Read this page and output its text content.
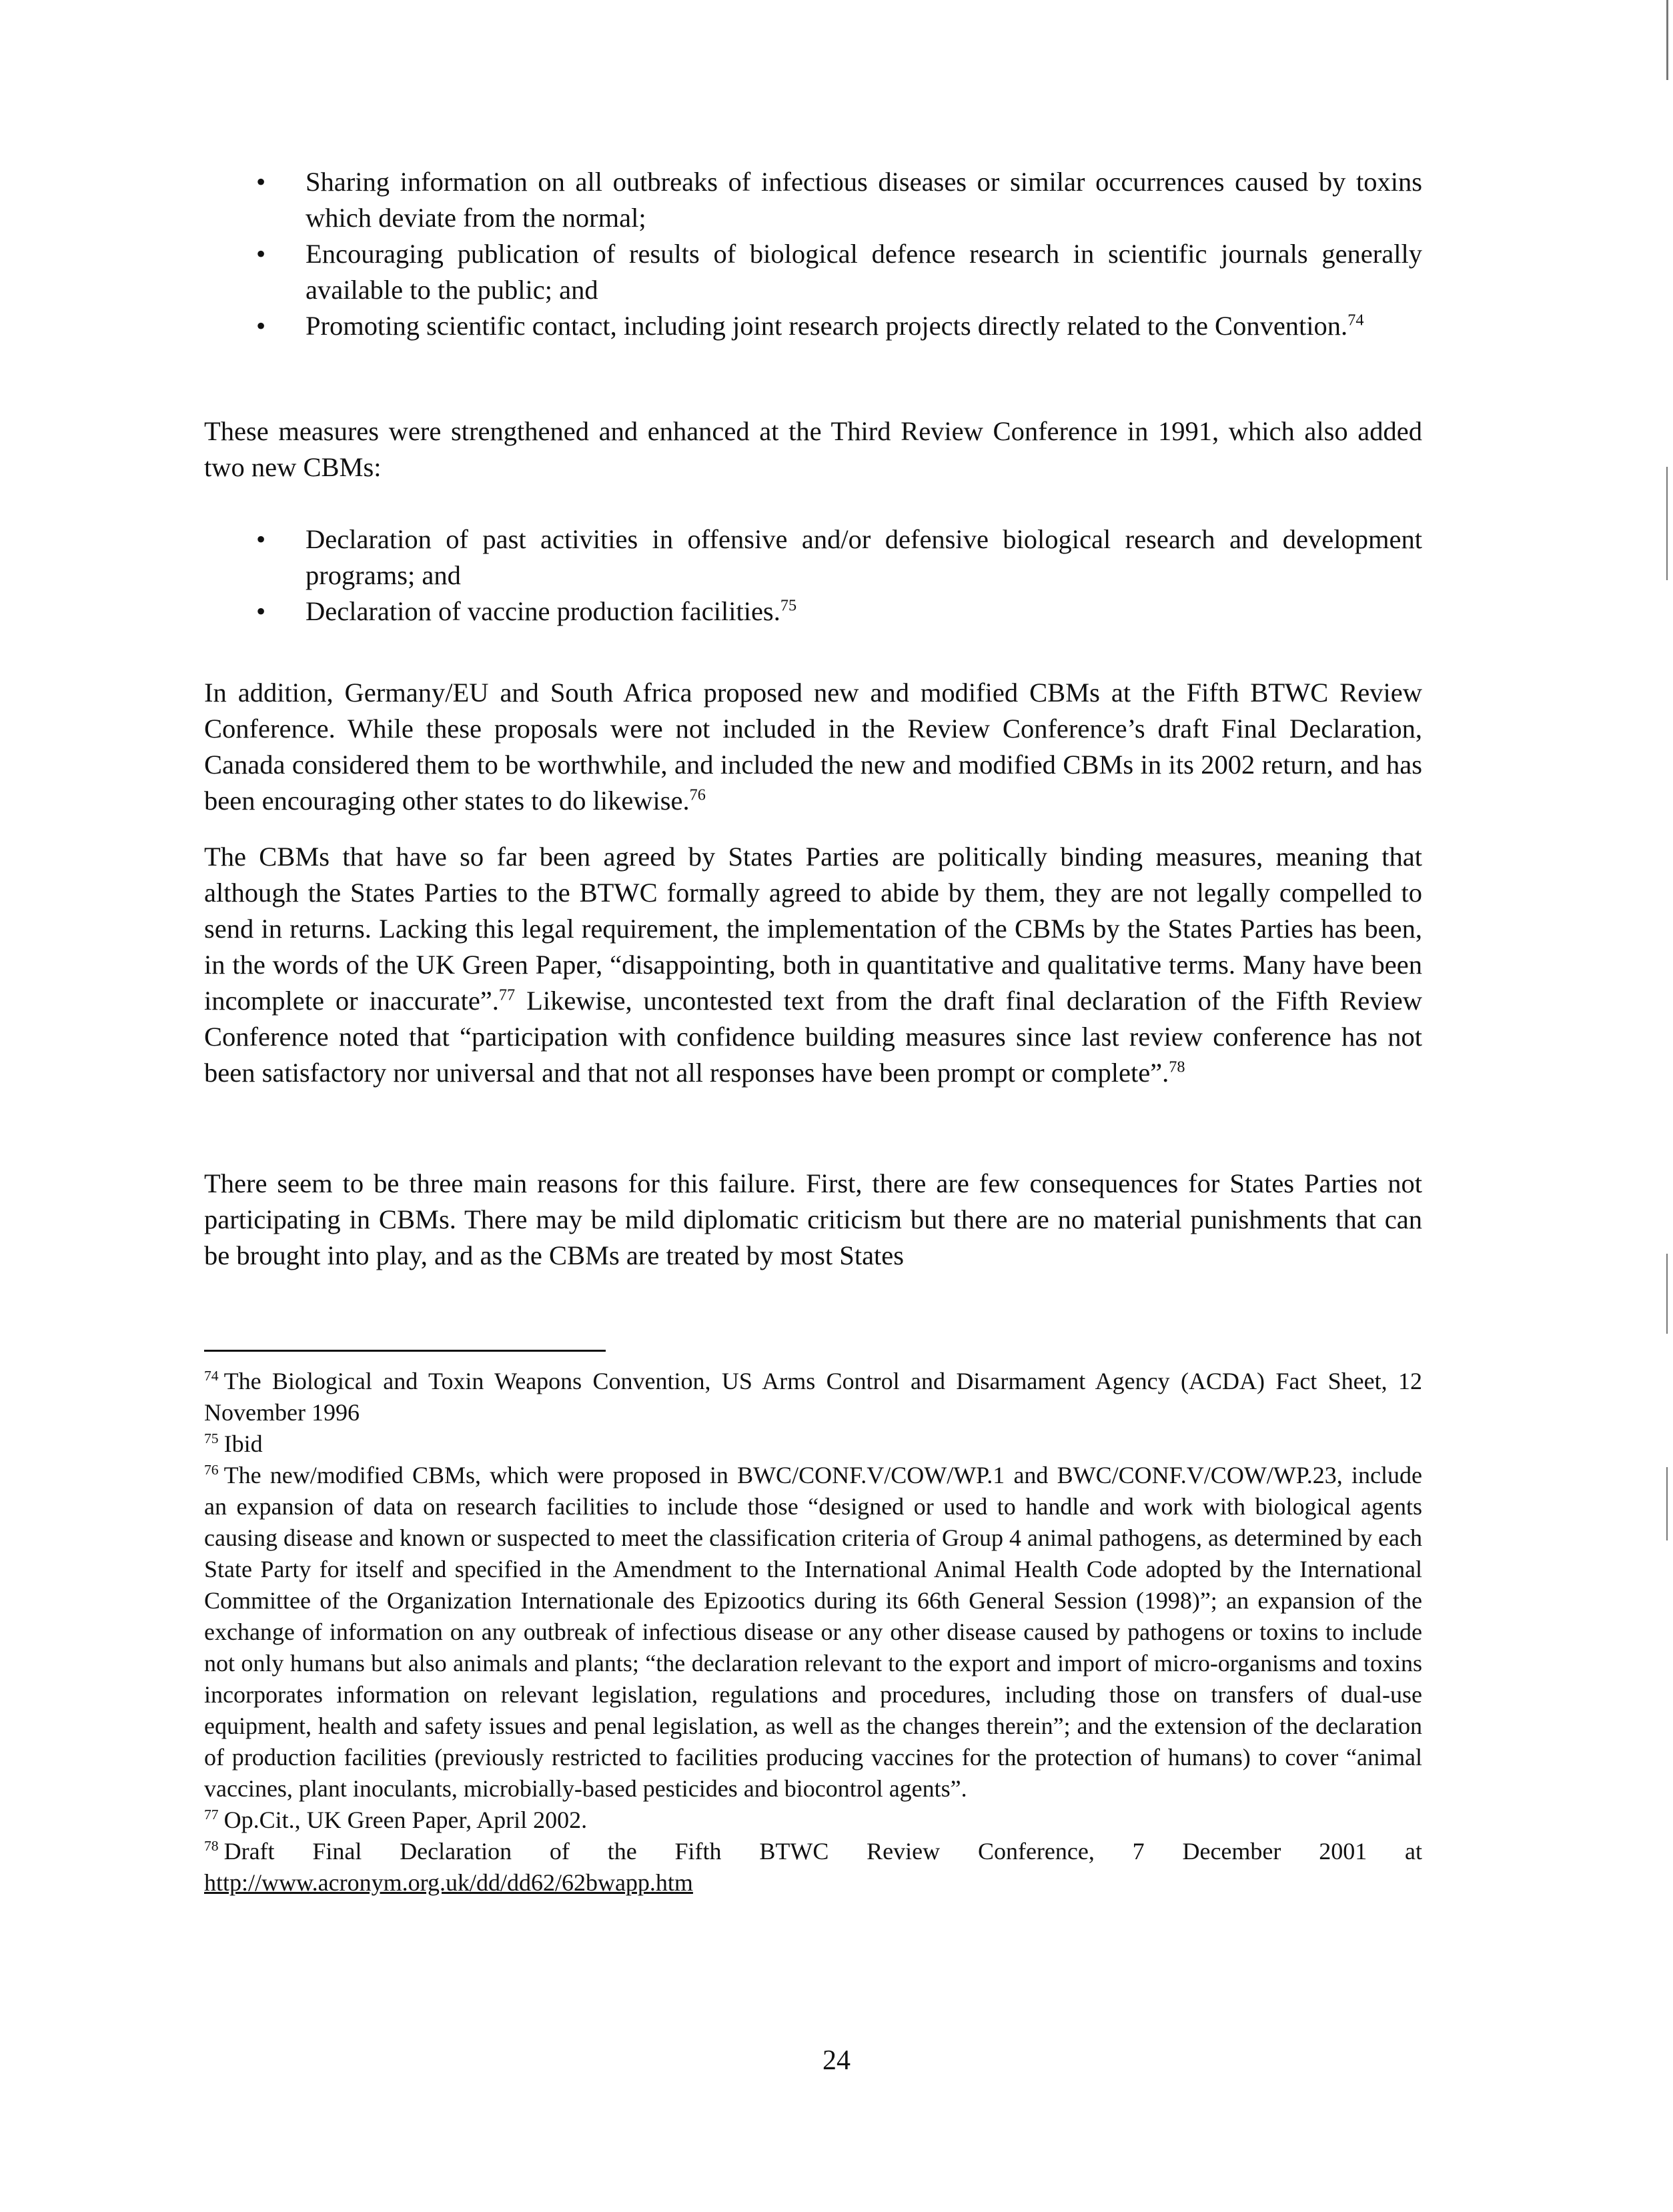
• Sharing information on all outbreaks of infectious diseases or similar occurrences caused by toxins which deviate from the normal;
• Encouraging publication of results of biological defence research in scientific journals generally available to the public; and
• Promoting scientific contact, including joint research projects directly related to the Convention.$^{74}$

These measures were strengthened and enhanced at the Third Review Conference in 1991, which also added two new CBMs:

• Declaration of past activities in offensive and/or defensive biological research and development programs; and
• Declaration of vaccine production facilities.$^{75}$

In addition, Germany/EU and South Africa proposed new and modified CBMs at the Fifth BTWC Review Conference. While these proposals were not included in the Review Conference’s draft Final Declaration, Canada considered them to be worthwhile, and included the new and modified CBMs in its 2002 return, and has been encouraging other states to do likewise.$^{76}$

The CBMs that have so far been agreed by States Parties are politically binding measures, meaning that although the States Parties to the BTWC formally agreed to abide by them, they are not legally compelled to send in returns. Lacking this legal requirement, the implementation of the CBMs by the States Parties has been, in the words of the UK Green Paper, “disappointing, both in quantitative and qualitative terms. Many have been incomplete or inaccurate”.$^{77}$ Likewise, uncontested text from the draft final declaration of the Fifth Review Conference noted that “participation with confidence building measures since last review conference has not been satisfactory nor universal and that not all responses have been prompt or complete”.$^{78}$

There seem to be three main reasons for this failure. First, there are few consequences for States Parties not participating in CBMs. There may be mild diplomatic criticism but there are no material punishments that can be brought into play, and as the CBMs are treated by most States

$^{74}$ The Biological and Toxin Weapons Convention, US Arms Control and Disarmament Agency (ACDA) Fact Sheet, 12 November 1996

$^{75}$ Ibid

$^{76}$ The new/modified CBMs, which were proposed in BWC/CONF.V/COW/WP.1 and BWC/CONF.V/COW/WP.23, include an expansion of data on research facilities to include those “designed or used to handle and work with biological agents causing disease and known or suspected to meet the classification criteria of Group 4 animal pathogens, as determined by each State Party for itself and specified in the Amendment to the International Animal Health Code adopted by the International Committee of the Organization Internationale des Epizootics during its 66th General Session (1998)”; an expansion of the exchange of information on any outbreak of infectious disease or any other disease caused by pathogens or toxins to include not only humans but also animals and plants; “the declaration relevant to the export and import of micro-organisms and toxins incorporates information on relevant legislation, regulations and procedures, including those on transfers of dual-use equipment, health and safety issues and penal legislation, as well as the changes therein”; and the extension of the declaration of production facilities (previously restricted to facilities producing vaccines for the protection of humans) to cover “animal vaccines, plant inoculants, microbially-based pesticides and biocontrol agents”.

$^{77}$ Op.Cit., UK Green Paper, April 2002.

$^{78}$ Draft Final Declaration of the Fifth BTWC Review Conference, 7 December 2001 at http://www.acronym.org.uk/dd/dd62/62bwapp.htm

24
